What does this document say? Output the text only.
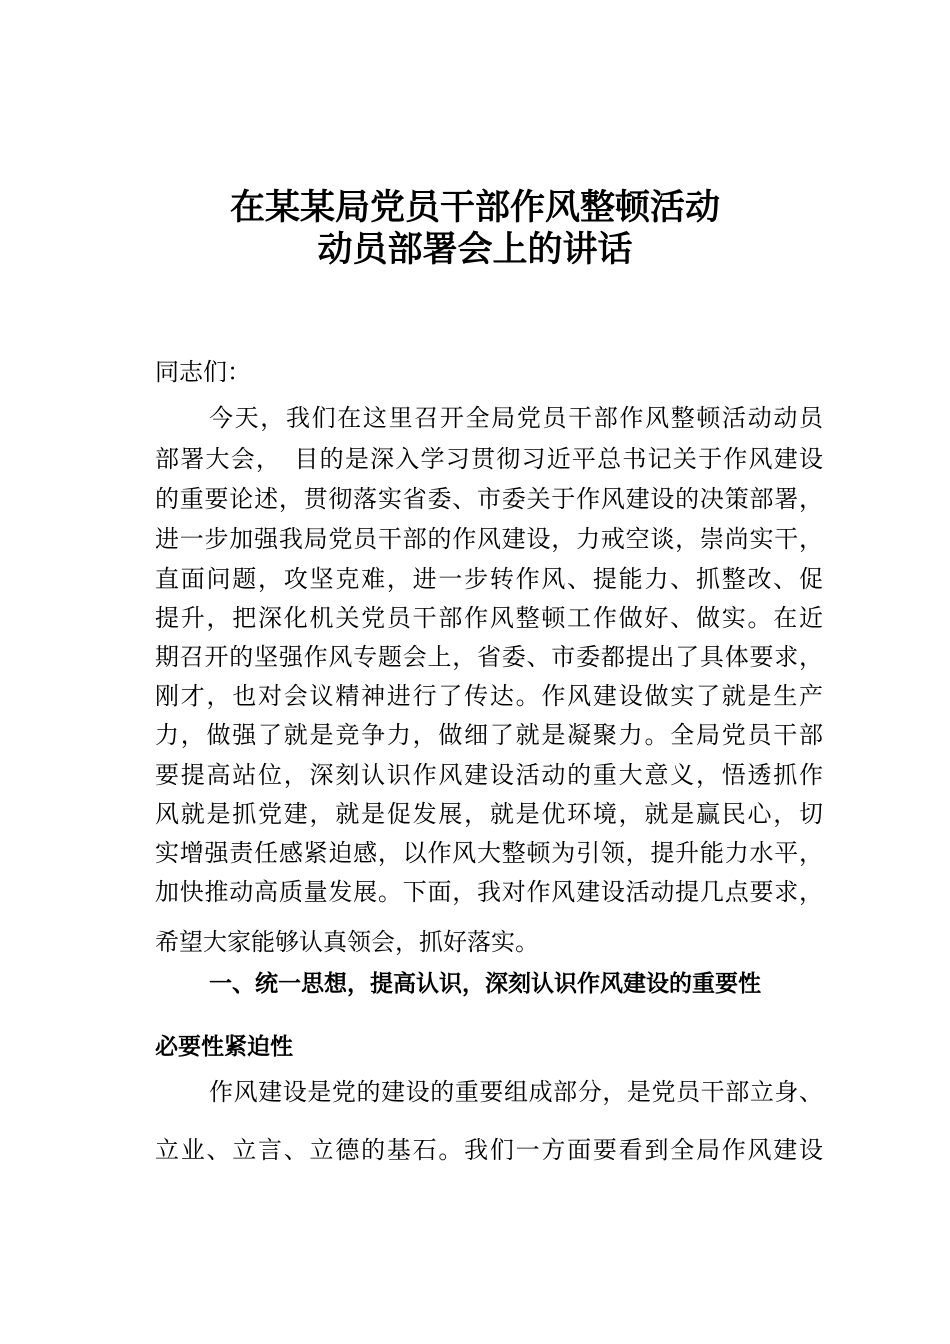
在某某局党员干部作风整顿活动
动员部署会上的讲话

同志们：

今天，我们在这里召开全局党员干部作风整顿活动动员

部署大会，　目的是深入学习贯彻习近平总书记关于作风建设

的重要论述，贯彻落实省委、市委关于作风建设的决策部署，

进一步加强我局党员干部的作风建设，力戒空谈，崇尚实干，

直面问题，攻坚克难，进一步转作风、提能力、抓整改、促

提升，把深化机关党员干部作风整顿工作做好、做实。在近

期召开的坚强作风专题会上，省委、市委都提出了具体要求，

刚才，也对会议精神进行了传达。作风建设做实了就是生产

力，做强了就是竞争力，做细了就是凝聚力。全局党员干部

要提高站位，深刻认识作风建设活动的重大意义，悟透抓作

风就是抓党建，就是促发展，就是优环境，就是赢民心，切

实增强责任感紧迫感，以作风大整顿为引领，提升能力水平，

加快推动高质量发展。下面，我对作风建设活动提几点要求，

希望大家能够认真领会，抓好落实。

一、统一思想，提高认识，深刻认识作风建设的重要性
必要性紧迫性

作风建设是党的建设的重要组成部分，是党员干部立身、

立业、立言、立德的基石。我们一方面要看到全局作风建设
